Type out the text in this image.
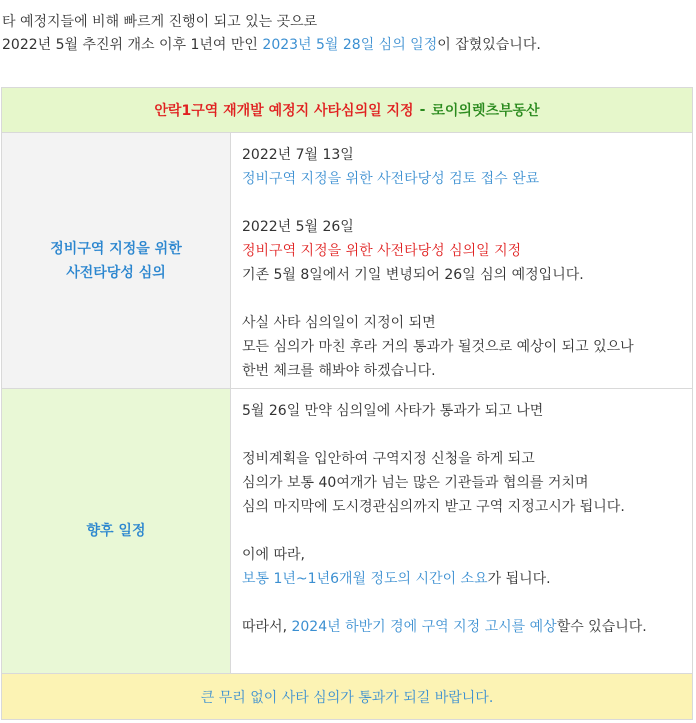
타 예정지들에 비해 빠르게 진행이 되고 있는 곳으로
2022년 5월 추진위 개소 이후 1년여 만인 2023년 5월 28일 심의 일정이 잡혔있습니다.
안락1구역 재개발 예정지 사타심의일 지정 - 로이의렛츠부동산
정비구역 지정을 위한
사전타당성 심의

2022년 7월 13일

정비구역 지정을 위한 사전타당성 검토 접수 완료

2022년 5월 26일

정비구역 지정을 위한 사전타당성 심의일 지정

기존 5월 8일에서 기일 변녕되어 26일 심의 예정입니다.

사실 사타 심의일이 지정이 되면

모든 심의가 마친 후라 거의 통과가 될것으로 예상이 되고 있으나

한번 체크를 해봐야 하겠습니다.

향후 일정

5월 26일 만약 심의일에 사타가 통과가 되고 나면

정비계획을 입안하여 구역지정 신청을 하게 되고

심의가 보통 40여개가 넘는 많은 기관들과 협의를 거치며

심의 마지막에 도시경관심의까지 받고 구역 지정고시가 됩니다.

이에 따라,

보통 1년~1년6개월 정도의 시간이 소요가 됩니다.

따라서, 2024년 하반기 경에 구역 지정 고시를 예상할수 있습니다.

큰 무리 없이 사타 심의가 통과가 되길 바랍니다.
